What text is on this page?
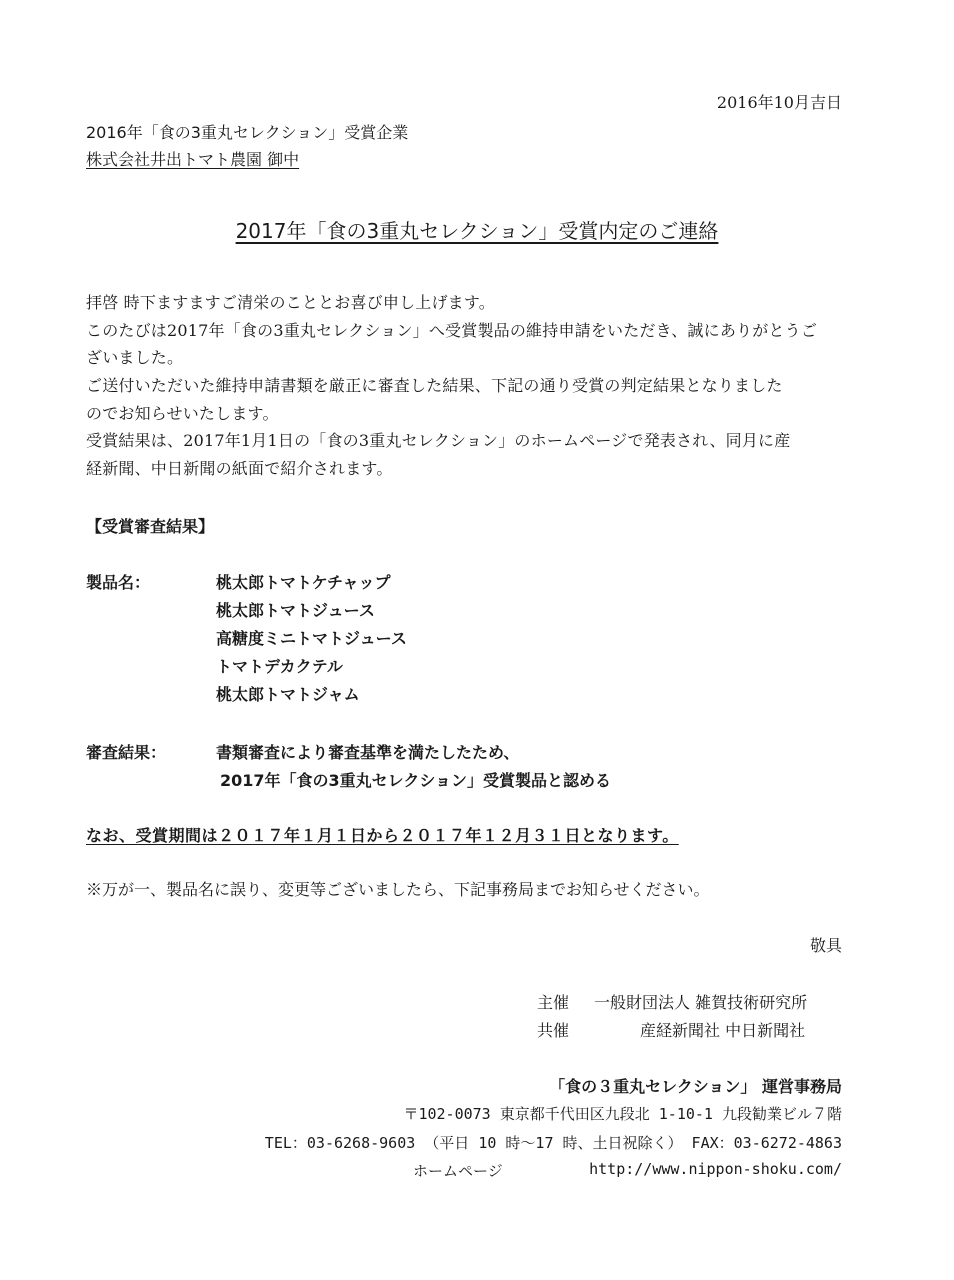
2016年10月吉日
2016年「食の3重丸セレクション」受賞企業
株式会社井出トマト農園 御中
2017年「食の3重丸セレクション」受賞内定のご連絡
拝啓 時下ますますご清栄のこととお喜び申し上げます。
このたびは2017年「食の3重丸セレクション」へ受賞製品の維持申請をいただき、誠にありがとうご
ざいました。
ご送付いただいた維持申請書類を厳正に審査した結果、下記の通り受賞の判定結果となりました
のでお知らせいたします。
受賞結果は、2017年1月1日の「食の3重丸セレクション」のホームページで発表され、同月に産
経新聞、中日新聞の紙面で紹介されます。
【受賞審査結果】
製品名：	桃太郎トマトケチャップ
桃太郎トマトジュース
高糖度ミニトマトジュース
トマトデカクテル
桃太郎トマトジャム
審査結果：	書類審査により審査基準を満たしたため、
2017年「食の3重丸セレクション」受賞製品と認める
なお、受賞期間は２０１７年１月１日から２０１７年１２月３１日となります。
※万が一、製品名に誤り、変更等ございましたら、下記事務局までお知らせください。
敬具
主催 一般財団法人 雑賀技術研究所
共催	産経新聞社 中日新聞社
「食の３重丸セレクション」 運営事務局
〒102-0073 東京都千代田区九段北 1-10-1 九段勧業ビル７階
TEL：03-6268-9603 （平日 10 時～17 時、土日祝除く） FAX：03-6272-4863
ホームページ	http://www.nippon-shoku.com/
